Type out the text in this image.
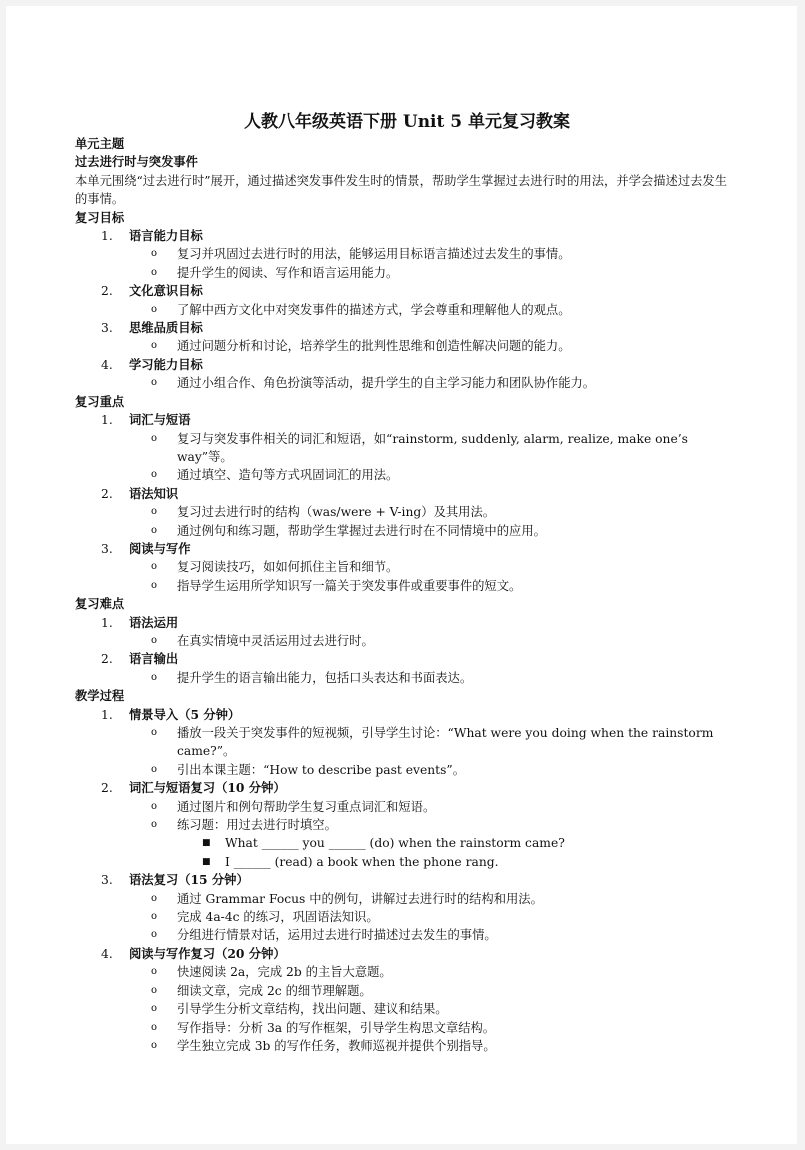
人教八年级英语下册 Unit 5 单元复习教案
单元主题
过去进行时与突发事件
本单元围绕“过去进行时”展开，通过描述突发事件发生时的情景，帮助学生掌握过去进行时的用法，并学会描述过去发生的事情。
复习目标
1. 语言能力目标
o 复习并巩固过去进行时的用法，能够运用目标语言描述过去发生的事情。
o 提升学生的阅读、写作和语言运用能力。
2. 文化意识目标
o 了解中西方文化中对突发事件的描述方式，学会尊重和理解他人的观点。
3. 思维品质目标
o 通过问题分析和讨论，培养学生的批判性思维和创造性解决问题的能力。
4. 学习能力目标
o 通过小组合作、角色扮演等活动，提升学生的自主学习能力和团队协作能力。
复习重点
1. 词汇与短语
o 复习与突发事件相关的词汇和短语，如“rainstorm, suddenly, alarm, realize, make one’s way”等。
o 通过填空、造句等方式巩固词汇的用法。
2. 语法知识
o 复习过去进行时的结构（was/were + V-ing）及其用法。
o 通过例句和练习题，帮助学生掌握过去进行时在不同情境中的应用。
3. 阅读与写作
o 复习阅读技巧，如如何抓住主旨和细节。
o 指导学生运用所学知识写一篇关于突发事件或重要事件的短文。
复习难点
1. 语法运用
o 在真实情境中灵活运用过去进行时。
2. 语言输出
o 提升学生的语言输出能力，包括口头表达和书面表达。
教学过程
1. 情景导入（5 分钟）
o 播放一段关于突发事件的短视频，引导学生讨论：“What were you doing when the rainstorm came?”。
o 引出本课主题：“How to describe past events”。
2. 词汇与短语复习（10 分钟）
o 通过图片和例句帮助学生复习重点词汇和短语。
o 练习题：用过去进行时填空。
■ What ______ you ______ (do) when the rainstorm came?
■ I ______ (read) a book when the phone rang.
3. 语法复习（15 分钟）
o 通过 Grammar Focus 中的例句，讲解过去进行时的结构和用法。
o 完成 4a-4c 的练习，巩固语法知识。
o 分组进行情景对话，运用过去进行时描述过去发生的事情。
4. 阅读与写作复习（20 分钟）
o 快速阅读 2a，完成 2b 的主旨大意题。
o 细读文章，完成 2c 的细节理解题。
o 引导学生分析文章结构，找出问题、建议和结果。
o 写作指导：分析 3a 的写作框架，引导学生构思文章结构。
o 学生独立完成 3b 的写作任务，教师巡视并提供个别指导。
